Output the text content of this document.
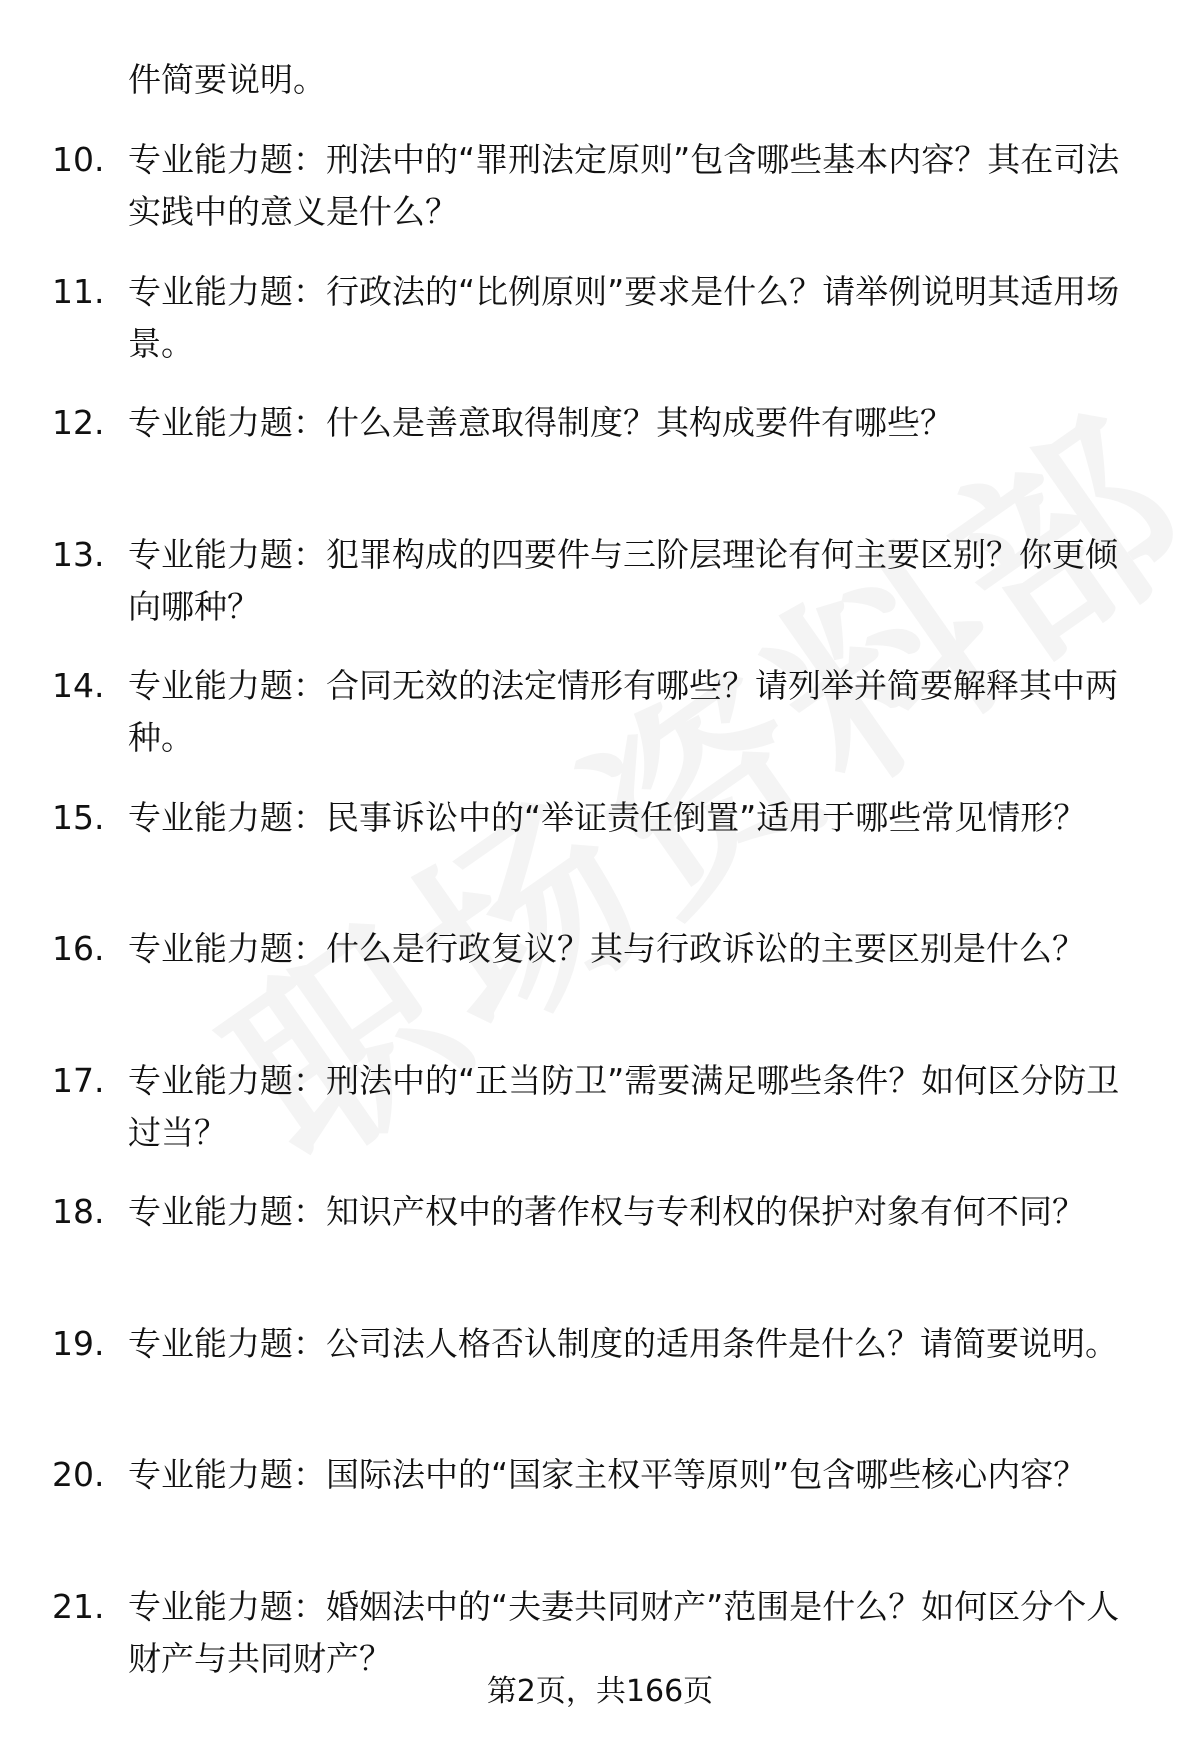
件简要说明。

10. 专业能力题：刑法中的“罪刑法定原则”包含哪些基本内容？其在司法实践中的意义是什么？
11. 专业能力题：行政法的“比例原则”要求是什么？请举例说明其适用场景。
12. 专业能力题：什么是善意取得制度？其构成要件有哪些？
13. 专业能力题：犯罪构成的四要件与三阶层理论有何主要区别？你更倾向哪种？
14. 专业能力题：合同无效的法定情形有哪些？请列举并简要解释其中两种。
15. 专业能力题：民事诉讼中的“举证责任倒置”适用于哪些常见情形？
16. 专业能力题：什么是行政复议？其与行政诉讼的主要区别是什么？
17. 专业能力题：刑法中的“正当防卫”需要满足哪些条件？如何区分防卫过当？
18. 专业能力题：知识产权中的著作权与专利权的保护对象有何不同？
19. 专业能力题：公司法人格否认制度的适用条件是什么？请简要说明。
20. 专业能力题：国际法中的“国家主权平等原则”包含哪些核心内容？
21. 专业能力题：婚姻法中的“夫妻共同财产”范围是什么？如何区分个人财产与共同财产？
第2页，共166页
